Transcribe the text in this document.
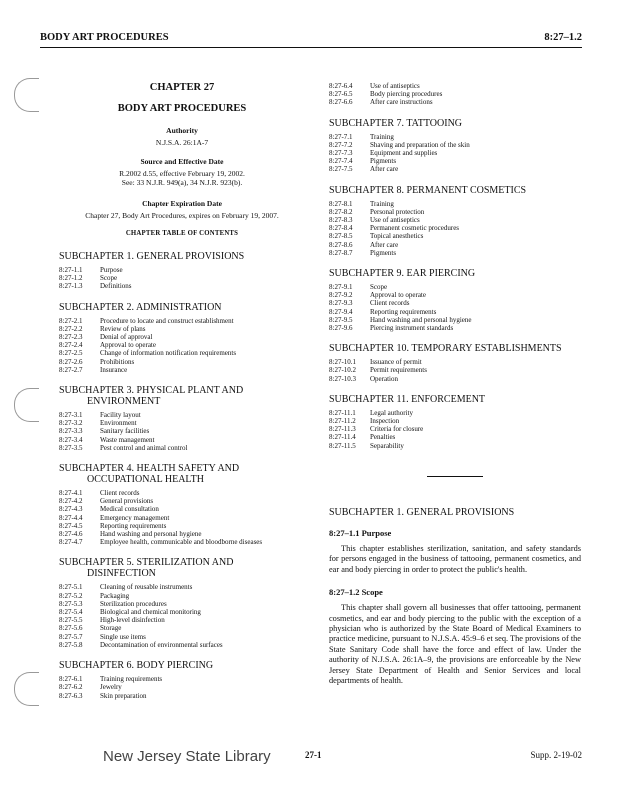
BODY ART PROCEDURES	8:27–1.2
CHAPTER 27
BODY ART PROCEDURES
Authority
N.J.S.A. 26:1A-7
Source and Effective Date
R.2002 d.55, effective February 19, 2002.
See: 33 N.J.R. 949(a), 34 N.J.R. 923(b).
Chapter Expiration Date
Chapter 27, Body Art Procedures, expires on February 19, 2007.
CHAPTER TABLE OF CONTENTS
SUBCHAPTER 1. GENERAL PROVISIONS
8:27-1.1 Purpose
8:27-1.2 Scope
8:27-1.3 Definitions
SUBCHAPTER 2. ADMINISTRATION
8:27-2.1 Procedure to locate and construct establishment
8:27-2.2 Review of plans
8:27-2.3 Denial of approval
8:27-2.4 Approval to operate
8:27-2.5 Change of information notification requirements
8:27-2.6 Prohibitions
8:27-2.7 Insurance
SUBCHAPTER 3. PHYSICAL PLANT AND
ENVIRONMENT
8:27-3.1 Facility layout
8:27-3.2 Environment
8:27-3.3 Sanitary facilities
8:27-3.4 Waste management
8:27-3.5 Pest control and animal control
SUBCHAPTER 4. HEALTH SAFETY AND
OCCUPATIONAL HEALTH
8:27-4.1 Client records
8:27-4.2 General provisions
8:27-4.3 Medical consultation
8:27-4.4 Emergency management
8:27-4.5 Reporting requirements
8:27-4.6 Hand washing and personal hygiene
8:27-4.7 Employee health, communicable and bloodborne diseases
SUBCHAPTER 5. STERILIZATION AND
DISINFECTION
8:27-5.1 Cleaning of reusable instruments
8:27-5.2 Packaging
8:27-5.3 Sterilization procedures
8:27-5.4 Biological and chemical monitoring
8:27-5.5 High-level disinfection
8:27-5.6 Storage
8:27-5.7 Single use items
8:27-5.8 Decontamination of environmental surfaces
SUBCHAPTER 6. BODY PIERCING
8:27-6.1 Training requirements
8:27-6.2 Jewelry
8:27-6.3 Skin preparation
8:27-6.4 Use of antiseptics
8:27-6.5 Body piercing procedures
8:27-6.6 After care instructions
SUBCHAPTER 7. TATTOOING
8:27-7.1 Training
8:27-7.2 Shaving and preparation of the skin
8:27-7.3 Equipment and supplies
8:27-7.4 Pigments
8:27-7.5 After care
SUBCHAPTER 8. PERMANENT COSMETICS
8:27-8.1 Training
8:27-8.2 Personal protection
8:27-8.3 Use of antiseptics
8:27-8.4 Permanent cosmetic procedures
8:27-8.5 Topical anesthetics
8:27-8.6 After care
8:27-8.7 Pigments
SUBCHAPTER 9. EAR PIERCING
8:27-9.1 Scope
8:27-9.2 Approval to operate
8:27-9.3 Client records
8:27-9.4 Reporting requirements
8:27-9.5 Hand washing and personal hygiene
8:27-9.6 Piercing instrument standards
SUBCHAPTER 10. TEMPORARY ESTABLISHMENTS
8:27-10.1 Issuance of permit
8:27-10.2 Permit requirements
8:27-10.3 Operation
SUBCHAPTER 11. ENFORCEMENT
8:27-11.1 Legal authority
8:27-11.2 Inspection
8:27-11.3 Criteria for closure
8:27-11.4 Penalties
8:27-11.5 Separability
SUBCHAPTER 1. GENERAL PROVISIONS
8:27–1.1 Purpose
This chapter establishes sterilization, sanitation, and safety standards for persons engaged in the business of tattooing, permanent cosmetics, and ear and body piercing in order to protect the public's health.
8:27–1.2 Scope
This chapter shall govern all businesses that offer tattooing, permanent cosmetics, and ear and body piercing to the public with the exception of a physician who is authorized by the State Board of Medical Examiners to practice medicine, pursuant to N.J.S.A. 45:9–6 et seq. The provisions of the State Sanitary Code shall have the force and effect of law. Under the authority of N.J.S.A. 26:1A–9, the provisions are enforceable by the New Jersey State Department of Health and Senior Services and local departments of health.
New Jersey State Library	27-1	Supp. 2-19-02
